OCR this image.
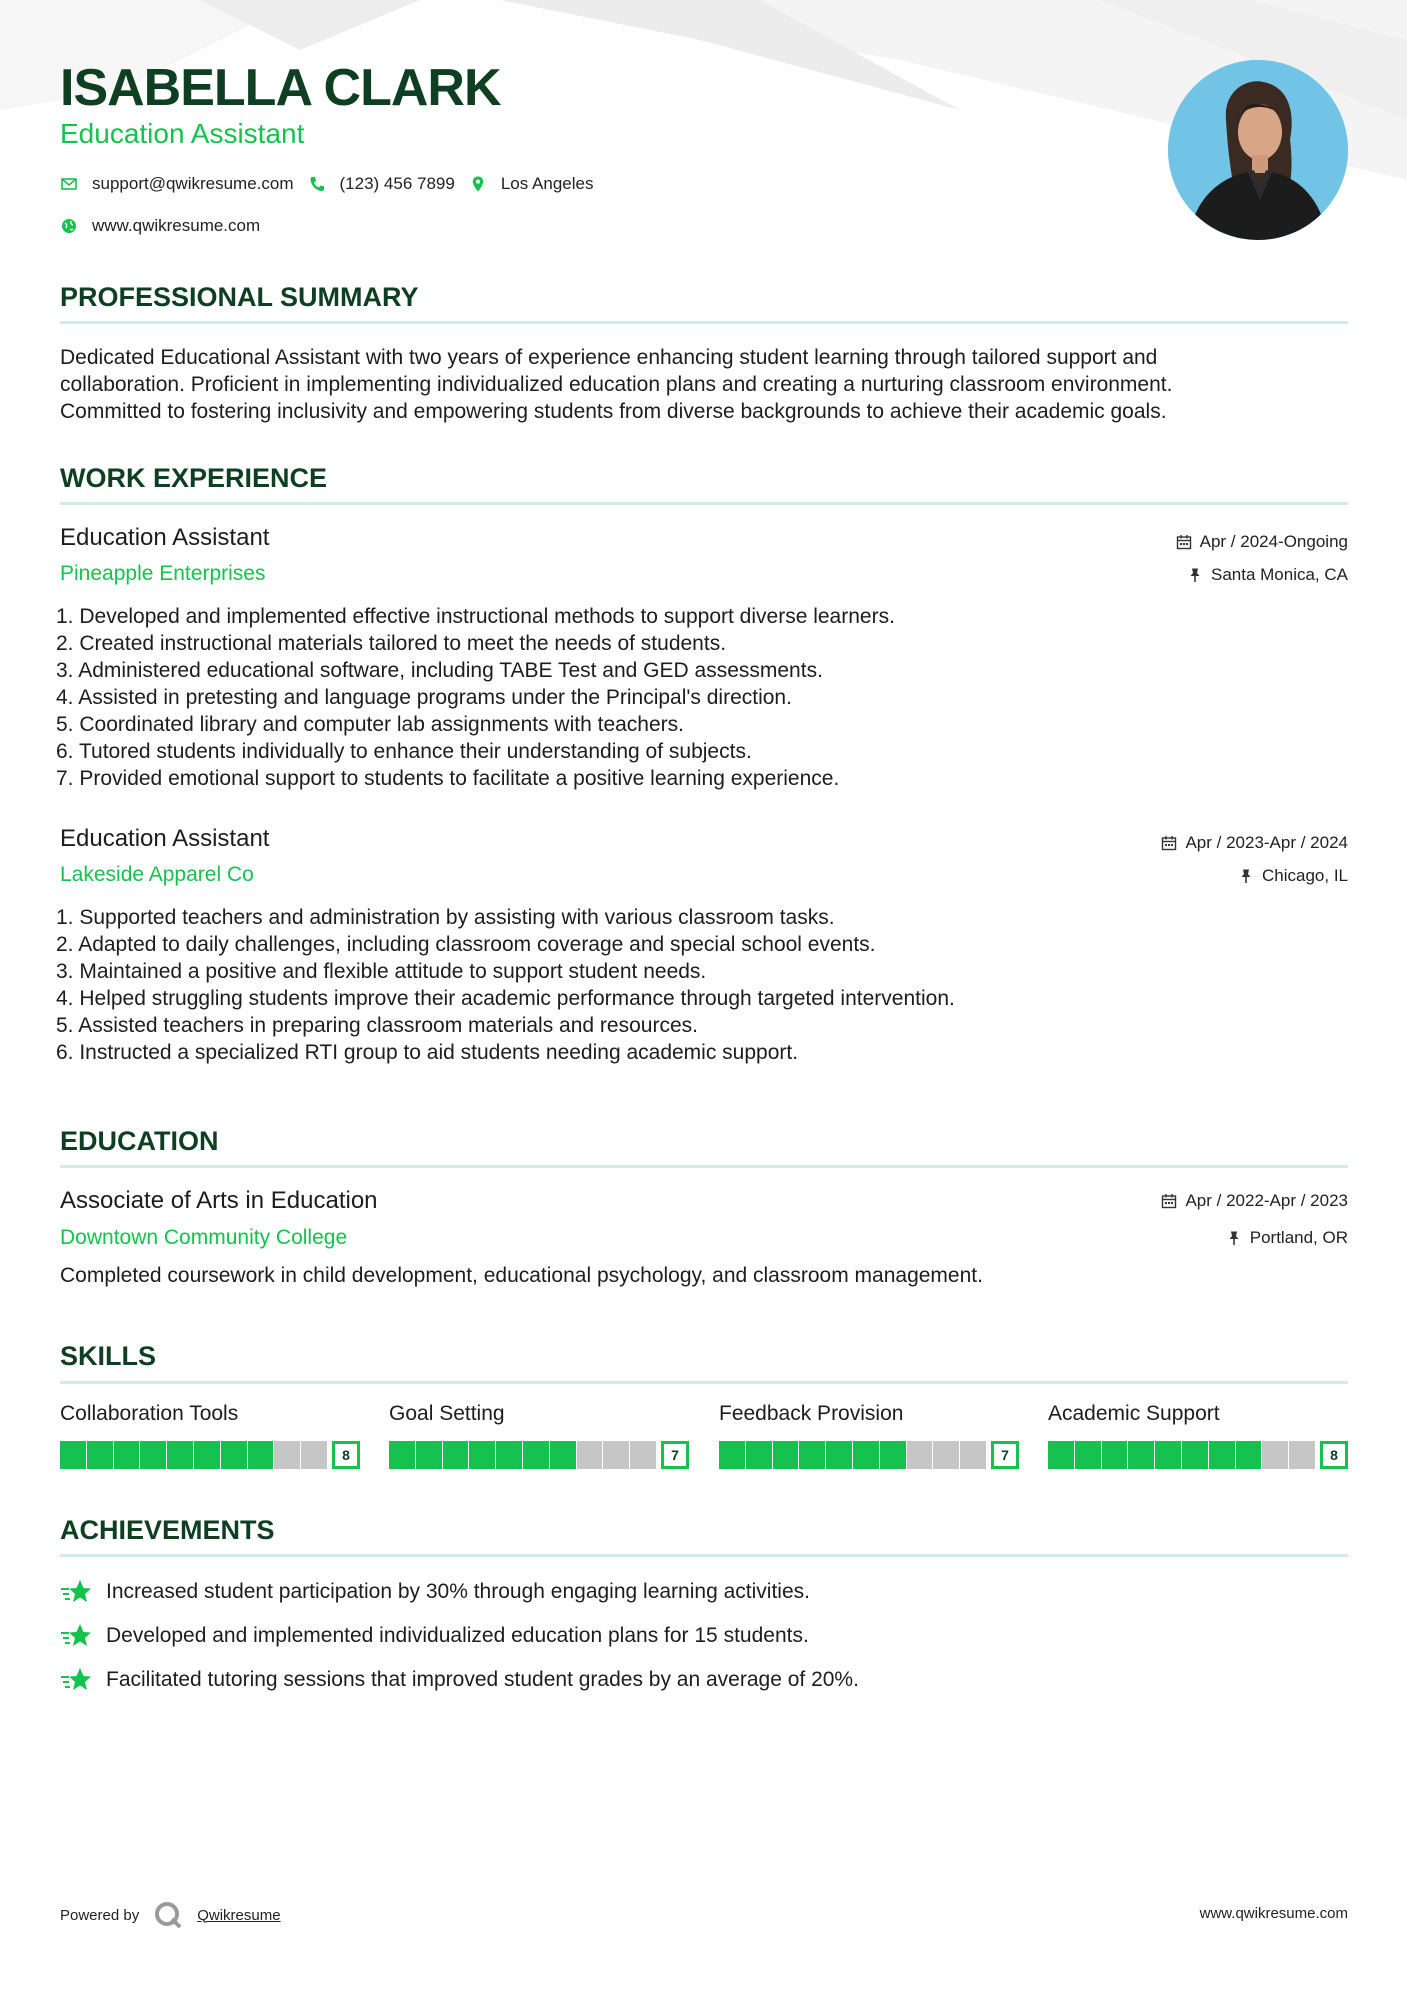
ISABELLA CLARK
Education Assistant
support@qwikresume.com	(123) 456 7899	Los Angeles
www.qwikresume.com
PROFESSIONAL SUMMARY
Dedicated Educational Assistant with two years of experience enhancing student learning through tailored support and
collaboration. Proficient in implementing individualized education plans and creating a nurturing classroom environment.
Committed to fostering inclusivity and empowering students from diverse backgrounds to achieve their academic goals.
WORK EXPERIENCE
Education Assistant
Pineapple Enterprises
Apr / 2024-Ongoing
Santa Monica, CA
1. Developed and implemented effective instructional methods to support diverse learners.
2. Created instructional materials tailored to meet the needs of students.
3. Administered educational software, including TABE Test and GED assessments.
4. Assisted in pretesting and language programs under the Principal's direction.
5. Coordinated library and computer lab assignments with teachers.
6. Tutored students individually to enhance their understanding of subjects.
7. Provided emotional support to students to facilitate a positive learning experience.
Education Assistant
Lakeside Apparel Co
Apr / 2023-Apr / 2024
Chicago, IL
1. Supported teachers and administration by assisting with various classroom tasks.
2. Adapted to daily challenges, including classroom coverage and special school events.
3. Maintained a positive and flexible attitude to support student needs.
4. Helped struggling students improve their academic performance through targeted intervention.
5. Assisted teachers in preparing classroom materials and resources.
6. Instructed a specialized RTI group to aid students needing academic support.
EDUCATION
Associate of Arts in Education
Downtown Community College
Apr / 2022-Apr / 2023
Portland, OR
Completed coursework in child development, educational psychology, and classroom management.
SKILLS
Collaboration Tools	Goal Setting	Feedback Provision	Academic Support
8	7	7	8
ACHIEVEMENTS
Increased student participation by 30% through engaging learning activities.
Developed and implemented individualized education plans for 15 students.
Facilitated tutoring sessions that improved student grades by an average of 20%.
Powered by	Qwikresume	www.qwikresume.com
